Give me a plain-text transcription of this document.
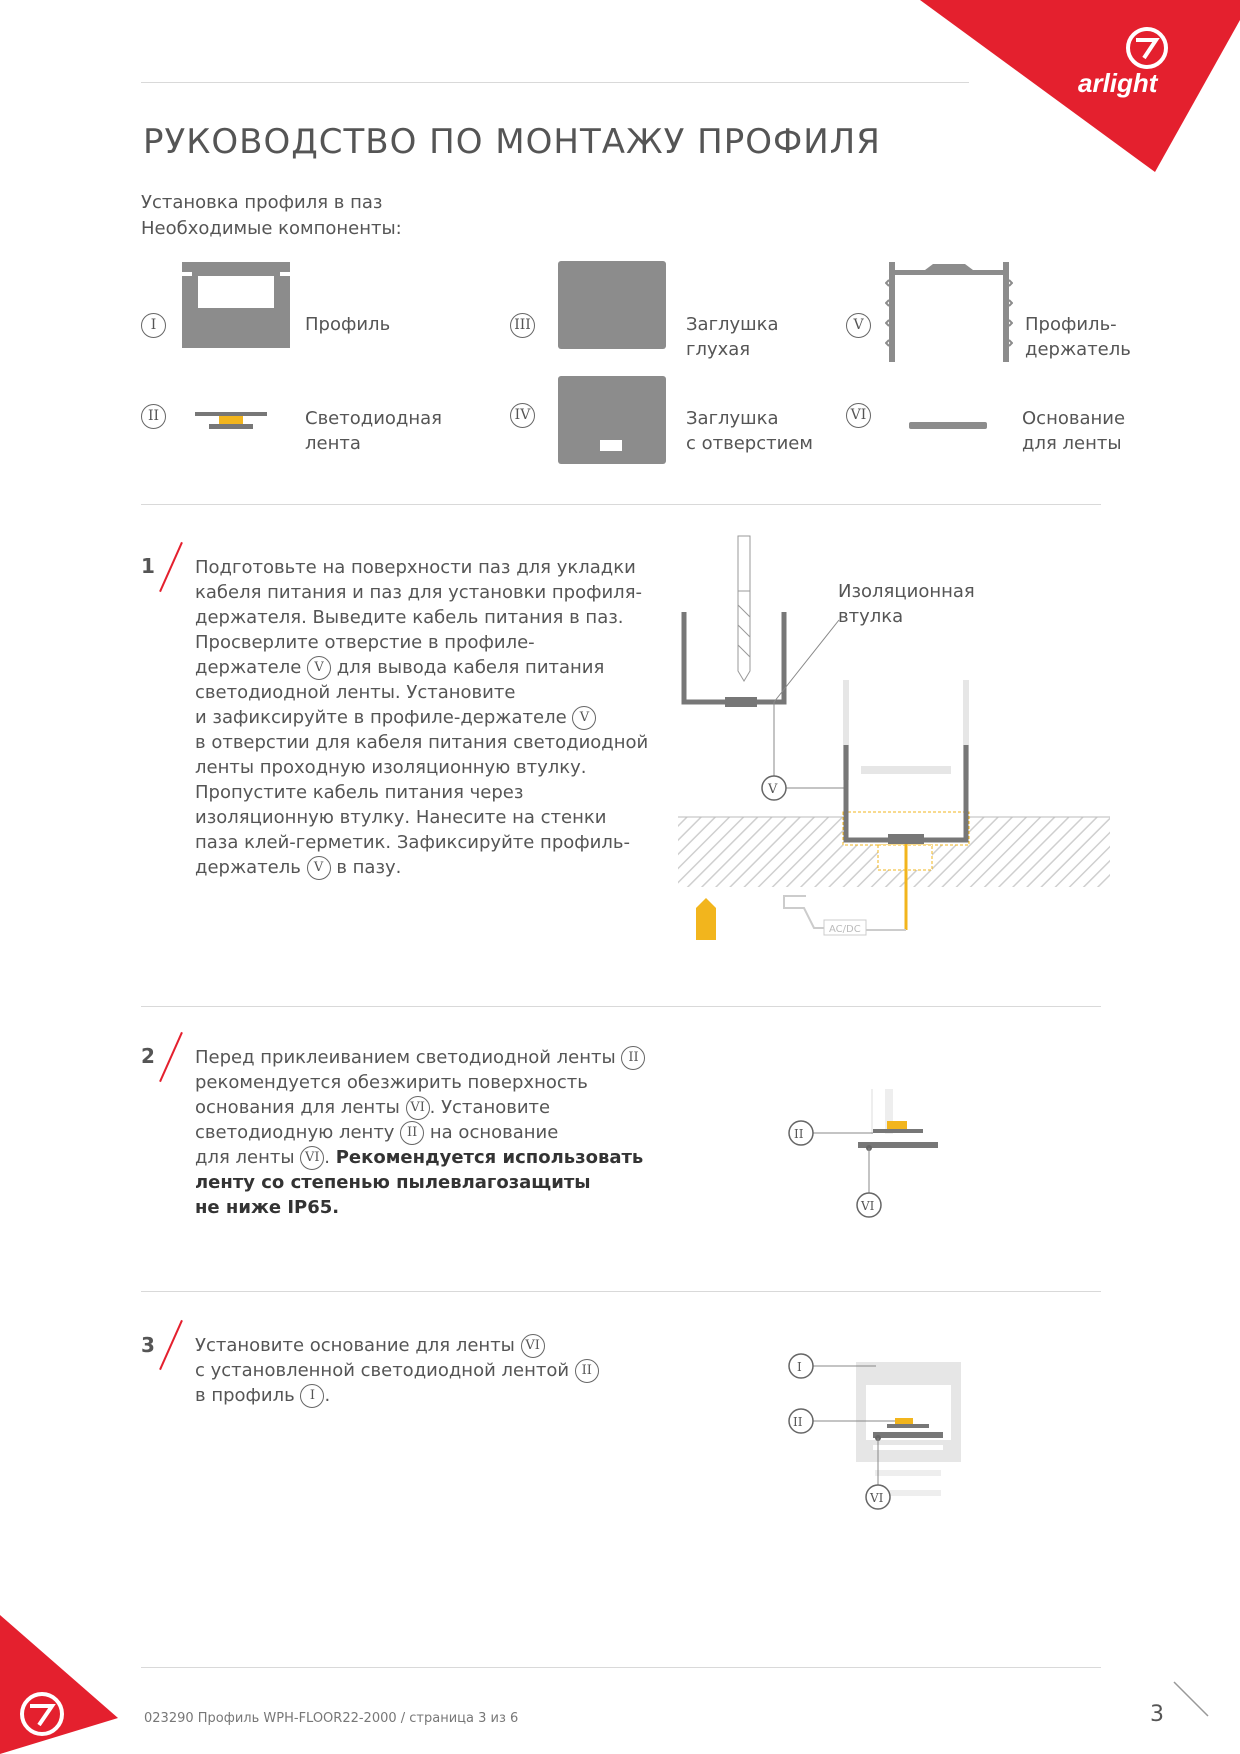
arlight
РУКОВОДСТВО ПО МОНТАЖУ ПРОФИЛЯ
Установка профиля в паз
Необходимые компоненты:
I	Профиль
II	Светодиодная
лента
III	Заглушка
глухая
IV	Заглушка
с отверстием
V	Профиль-
держатель
VI	Основание
для ленты
1 Подготовьте на поверхности паз для укладки
кабеля питания и паз для установки профиля-
держателя. Выведите кабель питания в паз.
Просверлите отверстие в профиле-
держателе V для вывода кабеля питания
светодиодной ленты. Установите
и зафиксируйте в профиле-держателе V
в отверстии для кабеля питания светодиодной
ленты проходную изоляционную втулку.
Пропустите кабель питания через
изоляционную втулку. Нанесите на стенки
паза клей-герметик. Зафиксируйте профиль-
держатель V в пазу.
V
AC/DC
Изоляционная
втулка
2 Перед приклеиванием светодиодной ленты II
рекомендуется обезжирить поверхность
основания для ленты VI . Установите
светодиодную ленту II на основание
для ленты VI . Рекомендуется использовать
ленту со степенью пылевлагозащиты
не ниже IP65.
II
VI
3 Установите основание для ленты VI
с установленной светодиодной лентой II
в профиль I .
I
II
VI
023290 Профиль WPH-FLOOR22-2000 / страница 3 из 6	3
